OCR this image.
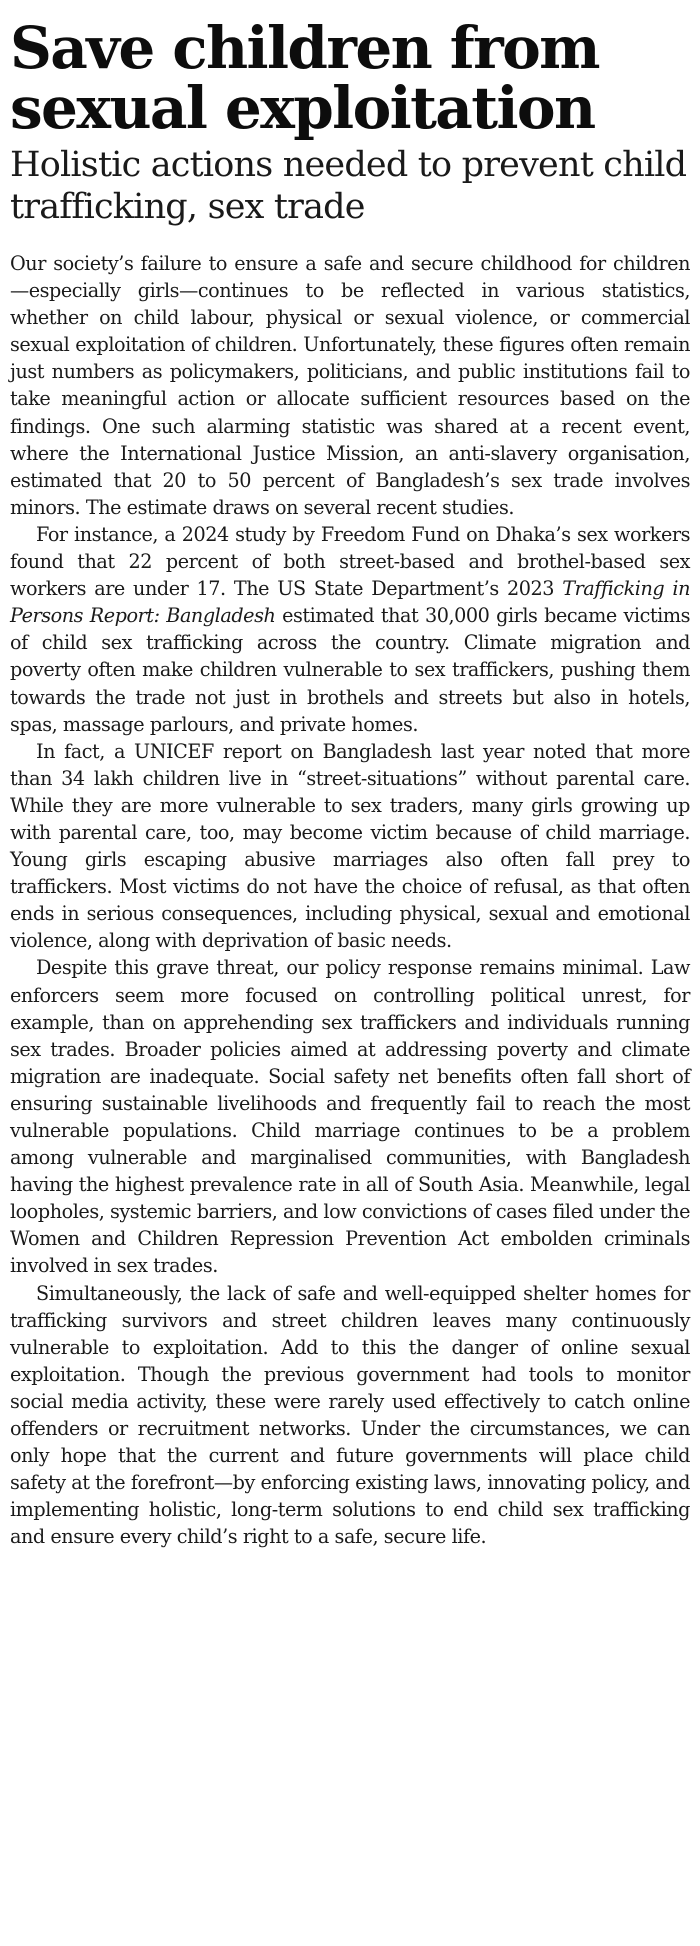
Save children from sexual exploitation
Holistic actions needed to prevent child trafficking, sex trade

Our society’s failure to ensure a safe and secure childhood for children—especially girls—continues to be reflected in various statistics, whether on child labour, physical or sexual violence, or commercial sexual exploitation of children. Unfortunately, these figures often remain just numbers as policymakers, politicians, and public institutions fail to take meaningful action or allocate sufficient resources based on the findings. One such alarming statistic was shared at a recent event, where the International Justice Mission, an anti-slavery organisation, estimated that 20 to 50 percent of Bangladesh’s sex trade involves minors. The estimate draws on several recent studies.

For instance, a 2024 study by Freedom Fund on Dhaka’s sex workers found that 22 percent of both street-based and brothel-based sex workers are under 17. The US State Department’s 2023 Trafficking in Persons Report: Bangladesh estimated that 30,000 girls became victims of child sex trafficking across the country. Climate migration and poverty often make children vulnerable to sex traffickers, pushing them towards the trade not just in brothels and streets but also in hotels, spas, massage parlours, and private homes.

In fact, a UNICEF report on Bangladesh last year noted that more than 34 lakh children live in “street-situations” without parental care. While they are more vulnerable to sex traders, many girls growing up with parental care, too, may become victim because of child marriage. Young girls escaping abusive marriages also often fall prey to traffickers. Most victims do not have the choice of refusal, as that often ends in serious consequences, including physical, sexual and emotional violence, along with deprivation of basic needs.

Despite this grave threat, our policy response remains minimal. Law enforcers seem more focused on controlling political unrest, for example, than on apprehending sex traffickers and individuals running sex trades. Broader policies aimed at addressing poverty and climate migration are inadequate. Social safety net benefits often fall short of ensuring sustainable livelihoods and frequently fail to reach the most vulnerable populations. Child marriage continues to be a problem among vulnerable and marginalised communities, with Bangladesh having the highest prevalence rate in all of South Asia. Meanwhile, legal loopholes, systemic barriers, and low convictions of cases filed under the Women and Children Repression Prevention Act embolden criminals involved in sex trades.

Simultaneously, the lack of safe and well-equipped shelter homes for trafficking survivors and street children leaves many continuously vulnerable to exploitation. Add to this the danger of online sexual exploitation. Though the previous government had tools to monitor social media activity, these were rarely used effectively to catch online offenders or recruitment networks. Under the circumstances, we can only hope that the current and future governments will place child safety at the forefront—by enforcing existing laws, innovating policy, and implementing holistic, long-term solutions to end child sex trafficking and ensure every child’s right to a safe, secure life.
